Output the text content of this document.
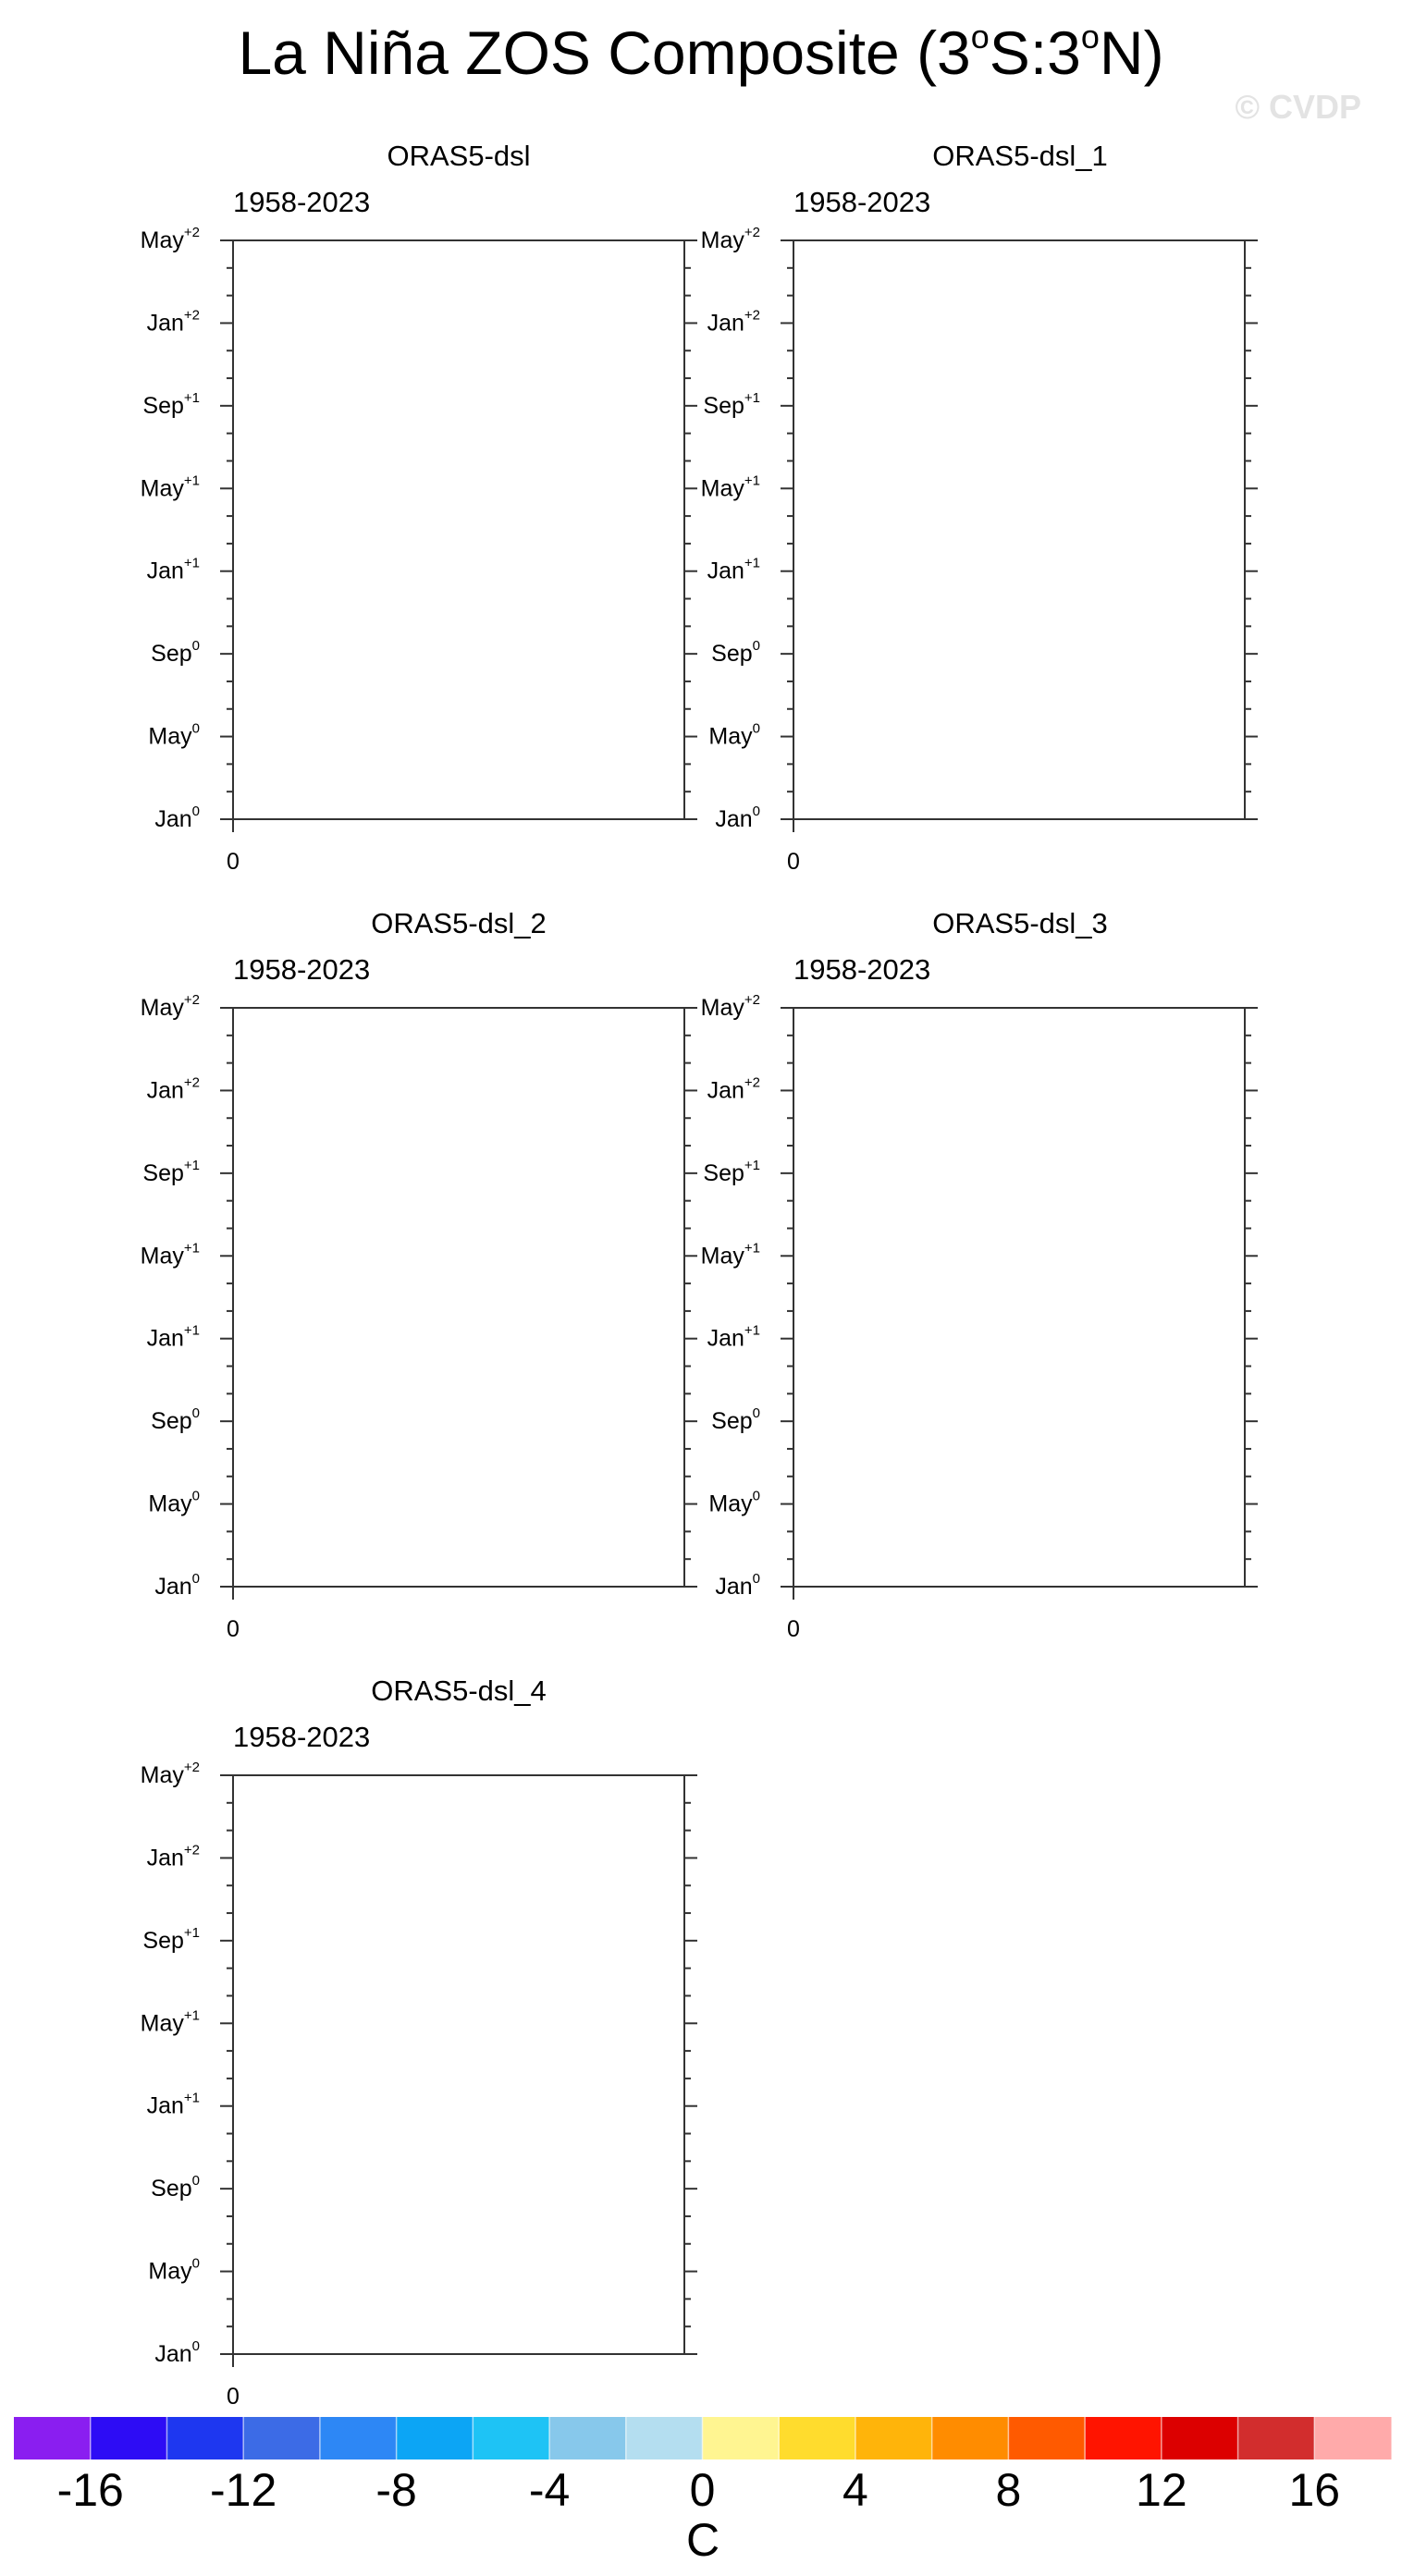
La Niña ZOS Composite (3$^o$S:3$^o$N)
© CVDP
ORAS5-dsl
1958-2023
Jan$^0$
May$^0$
Sep$^0$
Jan$^{+1}$
May$^{+1}$
Sep$^{+1}$
Jan$^{+2}$
May$^{+2}$
0
ORAS5-dsl_1
1958-2023
Jan$^0$
May$^0$
Sep$^0$
Jan$^{+1}$
May$^{+1}$
Sep$^{+1}$
Jan$^{+2}$
May$^{+2}$
0
ORAS5-dsl_2
1958-2023
Jan$^0$
May$^0$
Sep$^0$
Jan$^{+1}$
May$^{+1}$
Sep$^{+1}$
Jan$^{+2}$
May$^{+2}$
0
ORAS5-dsl_3
1958-2023
Jan$^0$
May$^0$
Sep$^0$
Jan$^{+1}$
May$^{+1}$
Sep$^{+1}$
Jan$^{+2}$
May$^{+2}$
0
ORAS5-dsl_4
1958-2023
Jan$^0$
May$^0$
Sep$^0$
Jan$^{+1}$
May$^{+1}$
Sep$^{+1}$
Jan$^{+2}$
May$^{+2}$
0
-16 -12 -8 -4	0	4	8 12 16
C
